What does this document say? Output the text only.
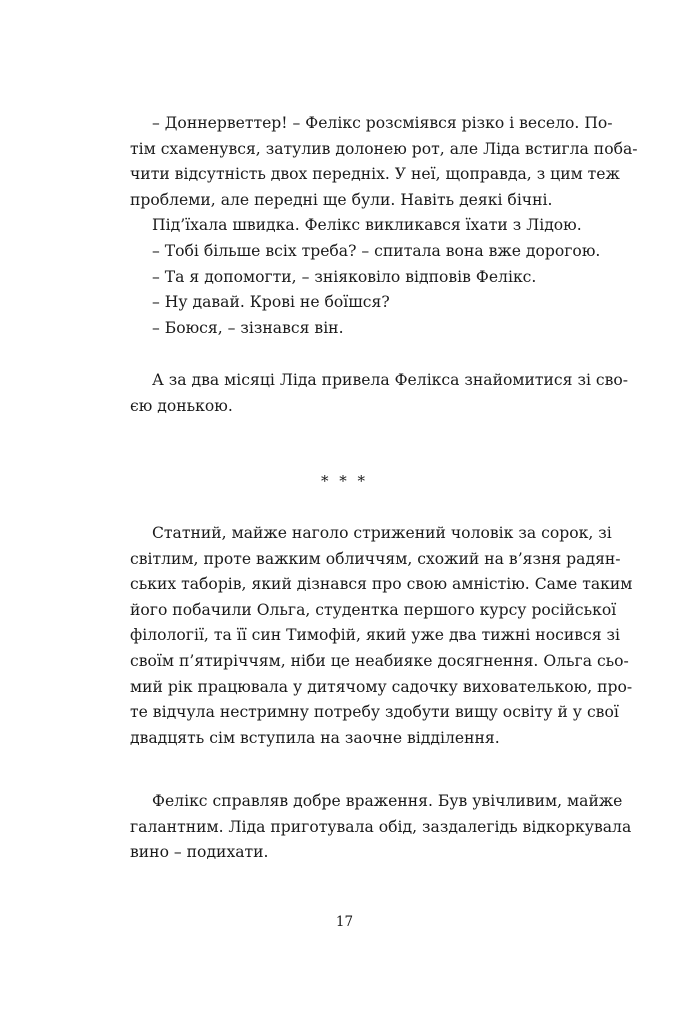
– Доннерветтер! – Фелікс розсміявся різко і весело. По-
тім схаменувся, затулив долонею рот, але Ліда встигла поба-
чити відсутність двох передніх. У неї, щоправда, з цим теж
проблеми, але передні ще були. Навіть деякі бічні.
Під’їхала швидка. Фелікс викликався їхати з Лідою.
– Тобі більше всіх треба? – спитала вона вже дорогою.
– Та я допомогти, – зніяковіло відповів Фелікс.
– Ну давай. Крові не боїшся?
– Боюся, – зізнався він.
А за два місяці Ліда привела Фелікса знайомитися зі сво-
єю донькою.
* * *
Статний, майже наголо стрижений чоловік за сорок, зі
світлим, проте важким обличчям, схожий на в’язня радян-
ських таборів, який дізнався про свою амністію. Саме таким
його побачили Ольга, студентка першого курсу російської
філології, та її син Тимофій, який уже два тижні носився зі
своїм п’ятиріччям, ніби це неабияке досягнення. Ольга сьо-
мий рік працювала у дитячому садочку вихователькою, про-
те відчула нестримну потребу здобути вищу освіту й у свої
двадцять сім вступила на заочне відділення.
Фелікс справляв добре враження. Був увічливим, майже
галантним. Ліда приготувала обід, заздалегідь відкоркувала
вино – подихати.
17
